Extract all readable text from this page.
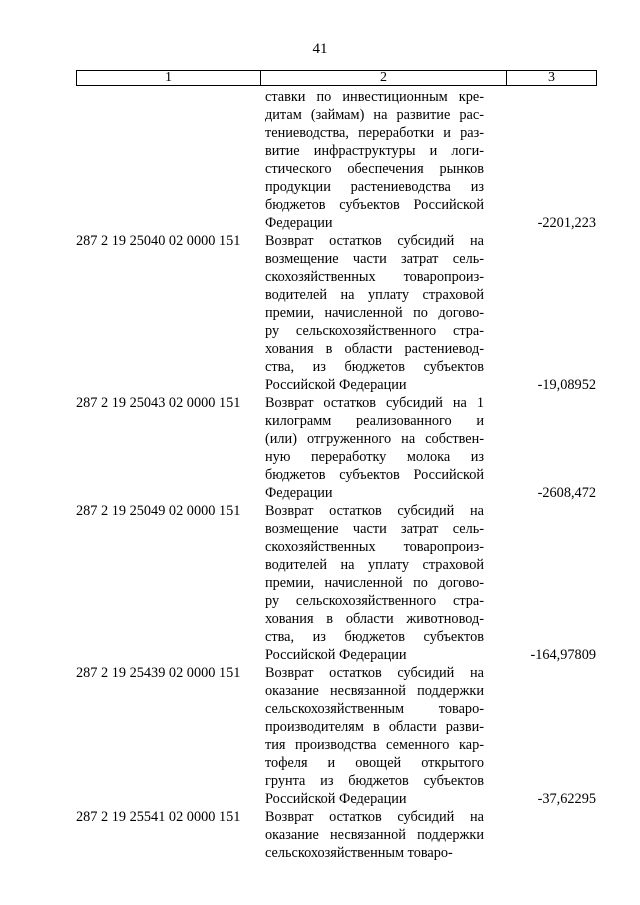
41
1	2	3
ставки по инвестиционным кре-
дитам (займам) на развитие рас-
тениеводства, переработки и раз-
витие инфраструктуры и логи-
стического обеспечения рынков
продукции растениеводства из
бюджетов субъектов Российской
Федерации	-2201,223
287 2 19 25040 02 0000 151 Возврат остатков субсидий на
возмещение части затрат сель-
скохозяйственных товаропроиз-
водителей на уплату страховой
премии, начисленной по догово-
ру сельскохозяйственного стра-
хования в области растениевод-
ства, из бюджетов субъектов
Российской Федерации	-19,08952
287 2 19 25043 02 0000 151 Возврат остатков субсидий на 1
килограмм реализованного и
(или) отгруженного на собствен-
ную переработку молока из
бюджетов субъектов Российской
Федерации	-2608,472
287 2 19 25049 02 0000 151 Возврат остатков субсидий на
возмещение части затрат сель-
скохозяйственных товаропроиз-
водителей на уплату страховой
премии, начисленной по догово-
ру сельскохозяйственного стра-
хования в области животновод-
ства, из бюджетов субъектов
Российской Федерации	-164,97809
287 2 19 25439 02 0000 151 Возврат остатков субсидий на
оказание несвязанной поддержки
сельскохозяйственным товаро-
производителям в области разви-
тия производства семенного кар-
тофеля и овощей открытого
грунта из бюджетов субъектов
Российской Федерации	-37,62295
287 2 19 25541 02 0000 151 Возврат остатков субсидий на
оказание несвязанной поддержки
сельскохозяйственным товаро-
